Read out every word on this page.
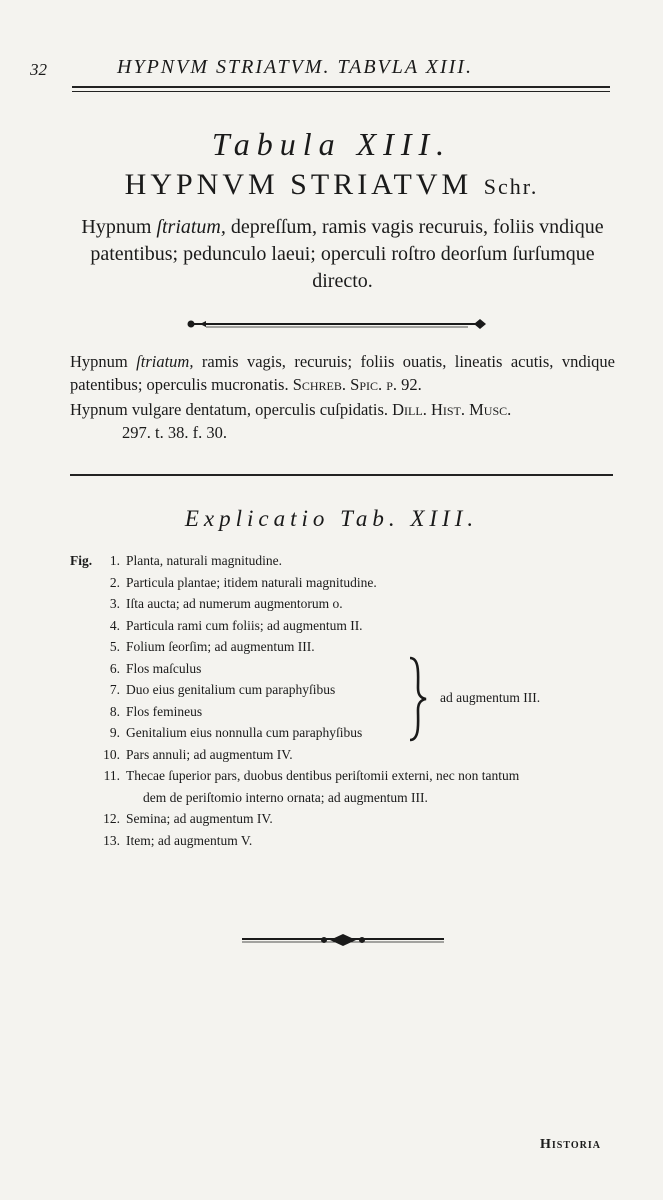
32	HYPNVM STRIATVM. TABVLA XIII.
Tabula XIII.
HYPNVM STRIATVM Schr.
Hypnum ſtriatum, depreſſum, ramis vagis recuruis, foliis vndique patentibus; pedunculo laeui; operculi roſtro deorſum ſurſumque directo.
Hypnum ſtriatum, ramis vagis, recuruis; foliis ouatis, lineatis acutis, vndique patentibus; operculis mucronatis. Schreb. Spic. p. 92.
Hypnum vulgare dentatum, operculis cuſpidatis. Dill. Hiſt. Muſc.
297. t. 38. f. 30.
Explicatio Tab. XIII.
Fig.	1. Planta, naturali magnitudine.
2. Particula plantae; itidem naturali magnitudine.
3. Iſta aucta; ad numerum augmentorum o.
4. Particula rami cum foliis; ad augmentum II.
5. Folium ſeorſim; ad augmentum III.
6. Flos maſculus
7. Duo eius genitalium cum paraphyſibus
8. Flos femineus
9. Genitalium eius nonnulla cum paraphyſibus
10. Pars annuli; ad augmentum IV.
11. Thecae ſuperior pars, duobus dentibus periſtomii externi, nec non tantum
dem de periſtomio interno ornata; ad augmentum III.
12. Semina; ad augmentum IV.
13. Item; ad augmentum V.
ad augmentum III.
Historia
